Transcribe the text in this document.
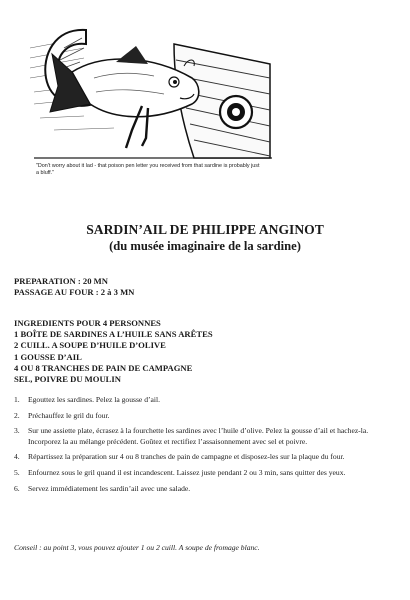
"Don't worry about it lad - that poison pen letter you received from that sardine is probably just a bluff."
SARDIN’AIL DE PHILIPPE ANGINOT
(du musée imaginaire de la sardine)
PREPARATION : 20 MN
PASSAGE AU FOUR : 2 à 3 MN
INGREDIENTS POUR 4 PERSONNES
1 BOÎTE DE SARDINES A L’HUILE SANS ARÊTES
2 CUILL. A SOUPE D’HUILE D’OLIVE
1 GOUSSE D’AIL
4 OU 8 TRANCHES DE PAIN DE CAMPAGNE
SEL, POIVRE DU MOULIN
1.	Egouttez les sardines. Pelez la gousse d’ail.
2.	Préchauffez le gril du four.
3.	Sur une assiette plate, écrasez à la fourchette les sardines avec l’huile d’olive. Pelez la gousse d’ail et hachez-la. Incorporez la au mélange précédent. Goûtez et rectifiez l’assaisonnement avec sel et poivre.
4.	Répartissez la préparation sur 4 ou 8 tranches de pain de campagne et disposez-les sur la plaque du four.
5.	Enfournez sous le gril quand il est incandescent. Laissez juste pendant 2 ou 3 min, sans quitter des yeux.
6.	Servez immédiatement les sardin’ail avec une salade.
Conseil : au point 3, vous pouvez ajouter 1 ou 2 cuill. A soupe de fromage blanc.
